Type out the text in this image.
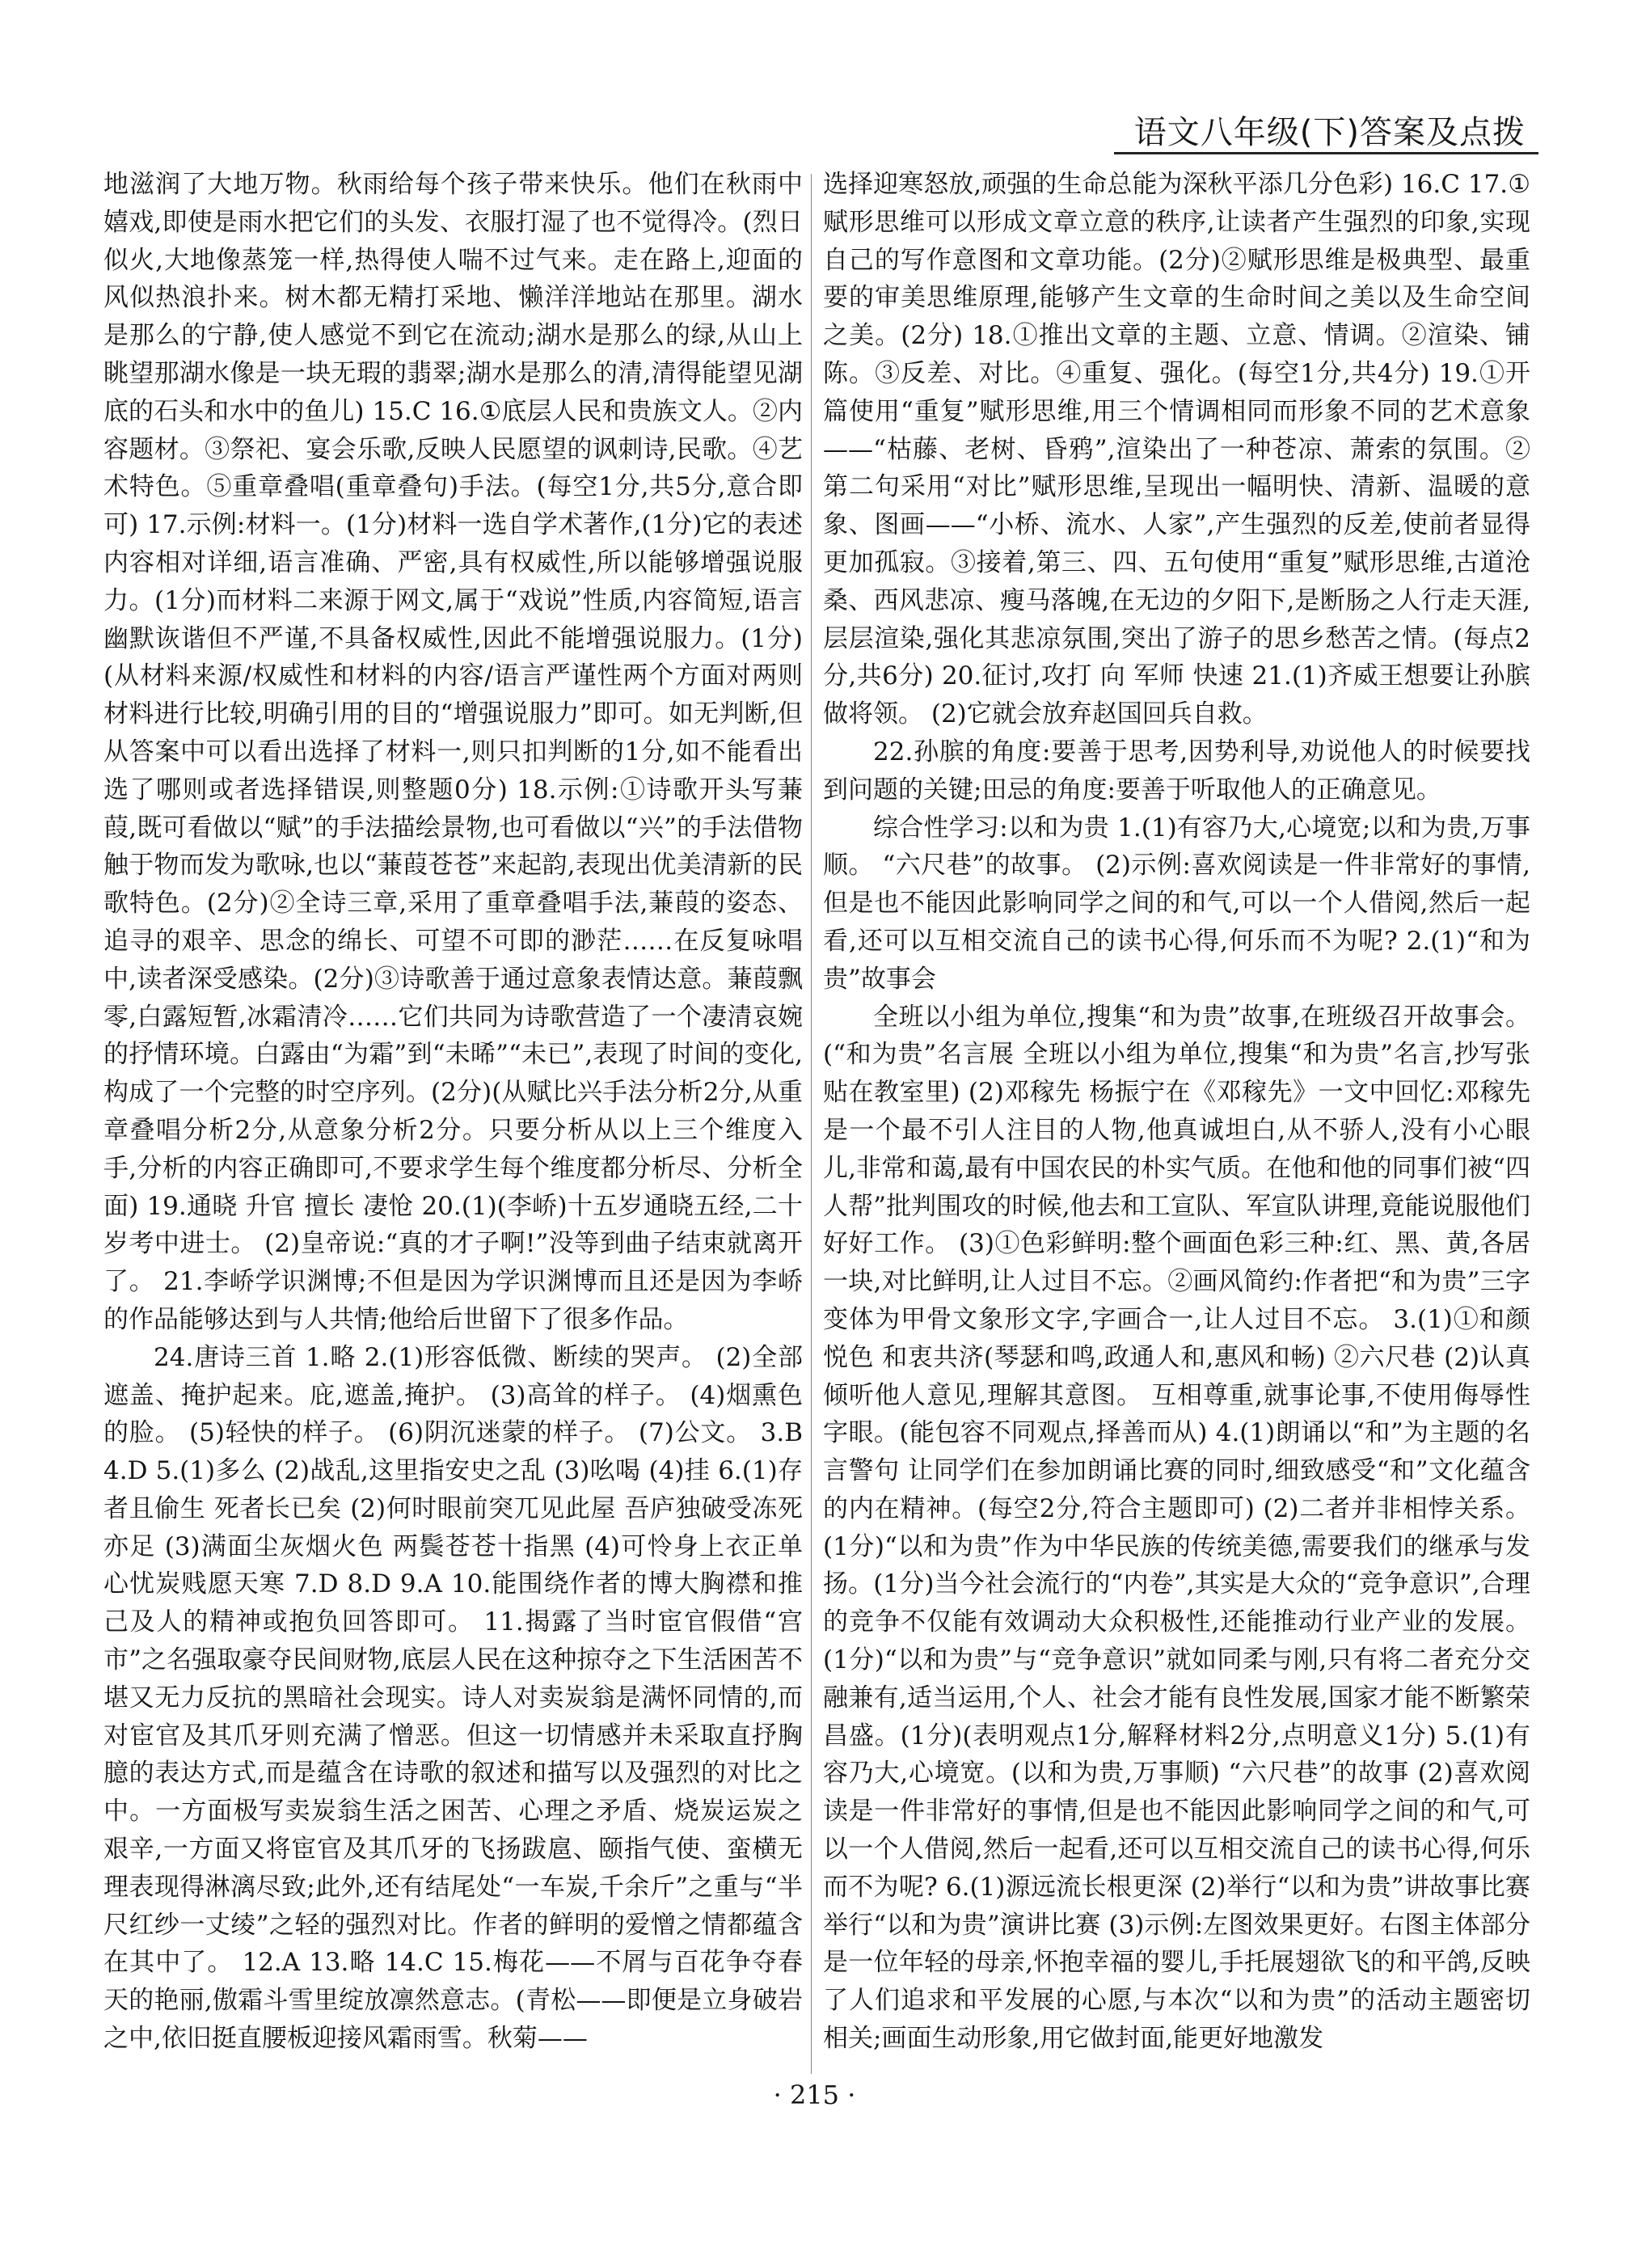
语文八年级(下)答案及点拨

地滋润了大地万物。秋雨给每个孩子带来快乐。他们在秋雨中嬉戏,即使是雨水把它们的头发、衣服打湿了也不觉得冷。(烈日似火,大地像蒸笼一样,热得使人喘不过气来。走在路上,迎面的风似热浪扑来。树木都无精打采地、懒洋洋地站在那里。湖水是那么的宁静,使人感觉不到它在流动;湖水是那么的绿,从山上眺望那湖水像是一块无瑕的翡翠;湖水是那么的清,清得能望见湖底的石头和水中的鱼儿) 15.C 16.①底层人民和贵族文人。②内容题材。③祭祀、宴会乐歌,反映人民愿望的讽刺诗,民歌。④艺术特色。⑤重章叠唱(重章叠句)手法。(每空1分,共5分,意合即可) 17.示例:材料一。(1分)材料一选自学术著作,(1分)它的表述内容相对详细,语言准确、严密,具有权威性,所以能够增强说服力。(1分)而材料二来源于网文,属于“戏说”性质,内容简短,语言幽默诙谐但不严谨,不具备权威性,因此不能增强说服力。(1分)(从材料来源/权威性和材料的内容/语言严谨性两个方面对两则材料进行比较,明确引用的目的“增强说服力”即可。如无判断,但从答案中可以看出选择了材料一,则只扣判断的1分,如不能看出选了哪则或者选择错误,则整题0分) 18.示例:①诗歌开头写蒹葭,既可看做以“赋”的手法描绘景物,也可看做以“兴”的手法借物触于物而发为歌咏,也以“蒹葭苍苍”来起韵,表现出优美清新的民歌特色。(2分)②全诗三章,采用了重章叠唱手法,蒹葭的姿态、追寻的艰辛、思念的绵长、可望不可即的渺茫……在反复咏唱中,读者深受感染。(2分)③诗歌善于通过意象表情达意。蒹葭飘零,白露短暂,冰霜清冷……它们共同为诗歌营造了一个凄清哀婉的抒情环境。白露由“为霜”到“未晞”“未已”,表现了时间的变化,构成了一个完整的时空序列。(2分)(从赋比兴手法分析2分,从重章叠唱分析2分,从意象分析2分。只要分析从以上三个维度入手,分析的内容正确即可,不要求学生每个维度都分析尽、分析全面) 19.通晓 升官 擅长 凄怆 20.(1)(李峤)十五岁通晓五经,二十岁考中进士。 (2)皇帝说:“真的才子啊!”没等到曲子结束就离开了。 21.李峤学识渊博;不但是因为学识渊博而且还是因为李峤的作品能够达到与人共情;他给后世留下了很多作品。

24.唐诗三首 1.略 2.(1)形容低微、断续的哭声。 (2)全部遮盖、掩护起来。庇,遮盖,掩护。 (3)高耸的样子。 (4)烟熏色的脸。 (5)轻快的样子。 (6)阴沉迷蒙的样子。 (7)公文。 3.B 4.D 5.(1)多么 (2)战乱,这里指安史之乱 (3)吆喝 (4)挂 6.(1)存者且偷生 死者长已矣 (2)何时眼前突兀见此屋 吾庐独破受冻死亦足 (3)满面尘灰烟火色 两鬓苍苍十指黑 (4)可怜身上衣正单 心忧炭贱愿天寒 7.D 8.D 9.A 10.能围绕作者的博大胸襟和推己及人的精神或抱负回答即可。 11.揭露了当时宦官假借“宫市”之名强取豪夺民间财物,底层人民在这种掠夺之下生活困苦不堪又无力反抗的黑暗社会现实。诗人对卖炭翁是满怀同情的,而对宦官及其爪牙则充满了憎恶。但这一切情感并未采取直抒胸臆的表达方式,而是蕴含在诗歌的叙述和描写以及强烈的对比之中。一方面极写卖炭翁生活之困苦、心理之矛盾、烧炭运炭之艰辛,一方面又将宦官及其爪牙的飞扬跋扈、颐指气使、蛮横无理表现得淋漓尽致;此外,还有结尾处“一车炭,千余斤”之重与“半尺红纱一丈绫”之轻的强烈对比。作者的鲜明的爱憎之情都蕴含在其中了。 12.A 13.略 14.C 15.梅花——不屑与百花争夺春天的艳丽,傲霜斗雪里绽放凛然意志。(青松——即便是立身破岩之中,依旧挺直腰板迎接风霜雨雪。秋菊——

选择迎寒怒放,顽强的生命总能为深秋平添几分色彩) 16.C 17.①赋形思维可以形成文章立意的秩序,让读者产生强烈的印象,实现自己的写作意图和文章功能。(2分)②赋形思维是极典型、最重要的审美思维原理,能够产生文章的生命时间之美以及生命空间之美。(2分) 18.①推出文章的主题、立意、情调。②渲染、铺陈。③反差、对比。④重复、强化。(每空1分,共4分) 19.①开篇使用“重复”赋形思维,用三个情调相同而形象不同的艺术意象——“枯藤、老树、昏鸦”,渲染出了一种苍凉、萧索的氛围。②第二句采用“对比”赋形思维,呈现出一幅明快、清新、温暖的意象、图画——“小桥、流水、人家”,产生强烈的反差,使前者显得更加孤寂。③接着,第三、四、五句使用“重复”赋形思维,古道沧桑、西风悲凉、瘦马落魄,在无边的夕阳下,是断肠之人行走天涯,层层渲染,强化其悲凉氛围,突出了游子的思乡愁苦之情。(每点2分,共6分) 20.征讨,攻打 向 军师 快速 21.(1)齐威王想要让孙膑做将领。 (2)它就会放弃赵国回兵自救。

22.孙膑的角度:要善于思考,因势利导,劝说他人的时候要找到问题的关键;田忌的角度:要善于听取他人的正确意见。

综合性学习:以和为贵 1.(1)有容乃大,心境宽;以和为贵,万事顺。 “六尺巷”的故事。 (2)示例:喜欢阅读是一件非常好的事情,但是也不能因此影响同学之间的和气,可以一个人借阅,然后一起看,还可以互相交流自己的读书心得,何乐而不为呢? 2.(1)“和为贵”故事会

全班以小组为单位,搜集“和为贵”故事,在班级召开故事会。(“和为贵”名言展 全班以小组为单位,搜集“和为贵”名言,抄写张贴在教室里) (2)邓稼先 杨振宁在《邓稼先》一文中回忆:邓稼先是一个最不引人注目的人物,他真诚坦白,从不骄人,没有小心眼儿,非常和蔼,最有中国农民的朴实气质。在他和他的同事们被“四人帮”批判围攻的时候,他去和工宣队、军宣队讲理,竟能说服他们好好工作。 (3)①色彩鲜明:整个画面色彩三种:红、黑、黄,各居一块,对比鲜明,让人过目不忘。②画风简约:作者把“和为贵”三字变体为甲骨文象形文字,字画合一,让人过目不忘。 3.(1)①和颜悦色 和衷共济(琴瑟和鸣,政通人和,惠风和畅) ②六尺巷 (2)认真倾听他人意见,理解其意图。 互相尊重,就事论事,不使用侮辱性字眼。(能包容不同观点,择善而从) 4.(1)朗诵以“和”为主题的名言警句 让同学们在参加朗诵比赛的同时,细致感受“和”文化蕴含的内在精神。(每空2分,符合主题即可) (2)二者并非相悖关系。(1分)“以和为贵”作为中华民族的传统美德,需要我们的继承与发扬。(1分)当今社会流行的“内卷”,其实是大众的“竞争意识”,合理的竞争不仅能有效调动大众积极性,还能推动行业产业的发展。(1分)“以和为贵”与“竞争意识”就如同柔与刚,只有将二者充分交融兼有,适当运用,个人、社会才能有良性发展,国家才能不断繁荣昌盛。(1分)(表明观点1分,解释材料2分,点明意义1分) 5.(1)有容乃大,心境宽。(以和为贵,万事顺) “六尺巷”的故事 (2)喜欢阅读是一件非常好的事情,但是也不能因此影响同学之间的和气,可以一个人借阅,然后一起看,还可以互相交流自己的读书心得,何乐而不为呢? 6.(1)源远流长根更深 (2)举行“以和为贵”讲故事比赛 举行“以和为贵”演讲比赛 (3)示例:左图效果更好。右图主体部分是一位年轻的母亲,怀抱幸福的婴儿,手托展翅欲飞的和平鸽,反映了人们追求和平发展的心愿,与本次“以和为贵”的活动主题密切相关;画面生动形象,用它做封面,能更好地激发

· 215 ·
